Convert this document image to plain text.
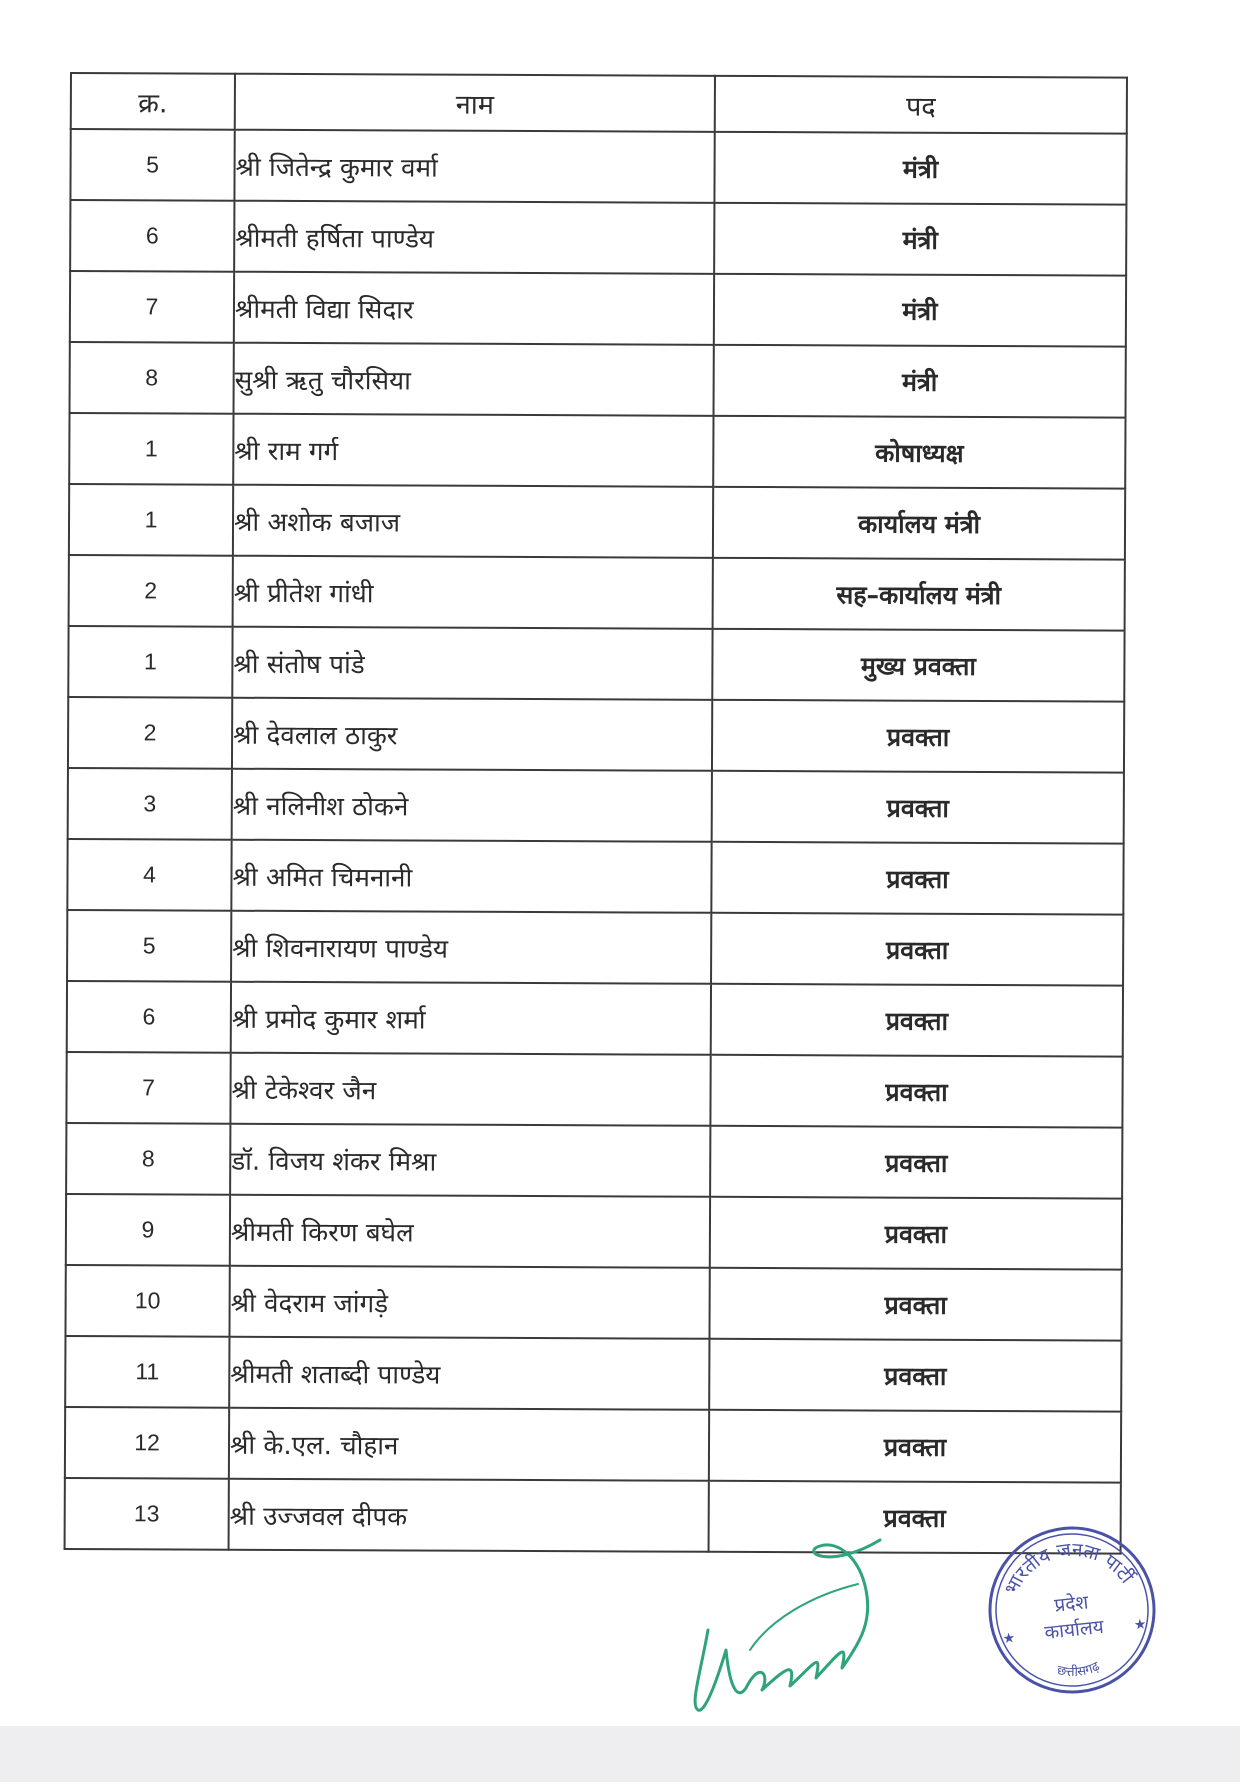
क्र.	नाम	पद
5	श्री जितेन्द्र कुमार वर्मा	मंत्री
6	श्रीमती हर्षिता पाण्डेय	मंत्री
7	श्रीमती विद्या सिदार	मंत्री
8	सुश्री ऋतु चौरसिया	मंत्री
1	श्री राम गर्ग	कोषाध्यक्ष
1	श्री अशोक बजाज	कार्यालय मंत्री
2	श्री प्रीतेश गांधी	सह–कार्यालय मंत्री
1	श्री संतोष पांडे	मुख्य प्रवक्ता
2	श्री देवलाल ठाकुर	प्रवक्ता
3	श्री नलिनीश ठोकने	प्रवक्ता
4	श्री अमित चिमनानी	प्रवक्ता
5	श्री शिवनारायण पाण्डेय	प्रवक्ता
6	श्री प्रमोद कुमार शर्मा	प्रवक्ता
7	श्री टेकेश्वर जैन	प्रवक्ता
8	डॉ. विजय शंकर मिश्रा	प्रवक्ता
9	श्रीमती किरण बघेल	प्रवक्ता
10	श्री वेदराम जांगड़े	प्रवक्ता
11	श्रीमती शताब्दी पाण्डेय	प्रवक्ता
12	श्री के.एल. चौहान	प्रवक्ता
13	श्री उज्जवल दीपक	प्रवक्ता
भारतीय जनता पार्टी
प्रदेश
कार्यालय
छत्तीसगढ़
★
★
